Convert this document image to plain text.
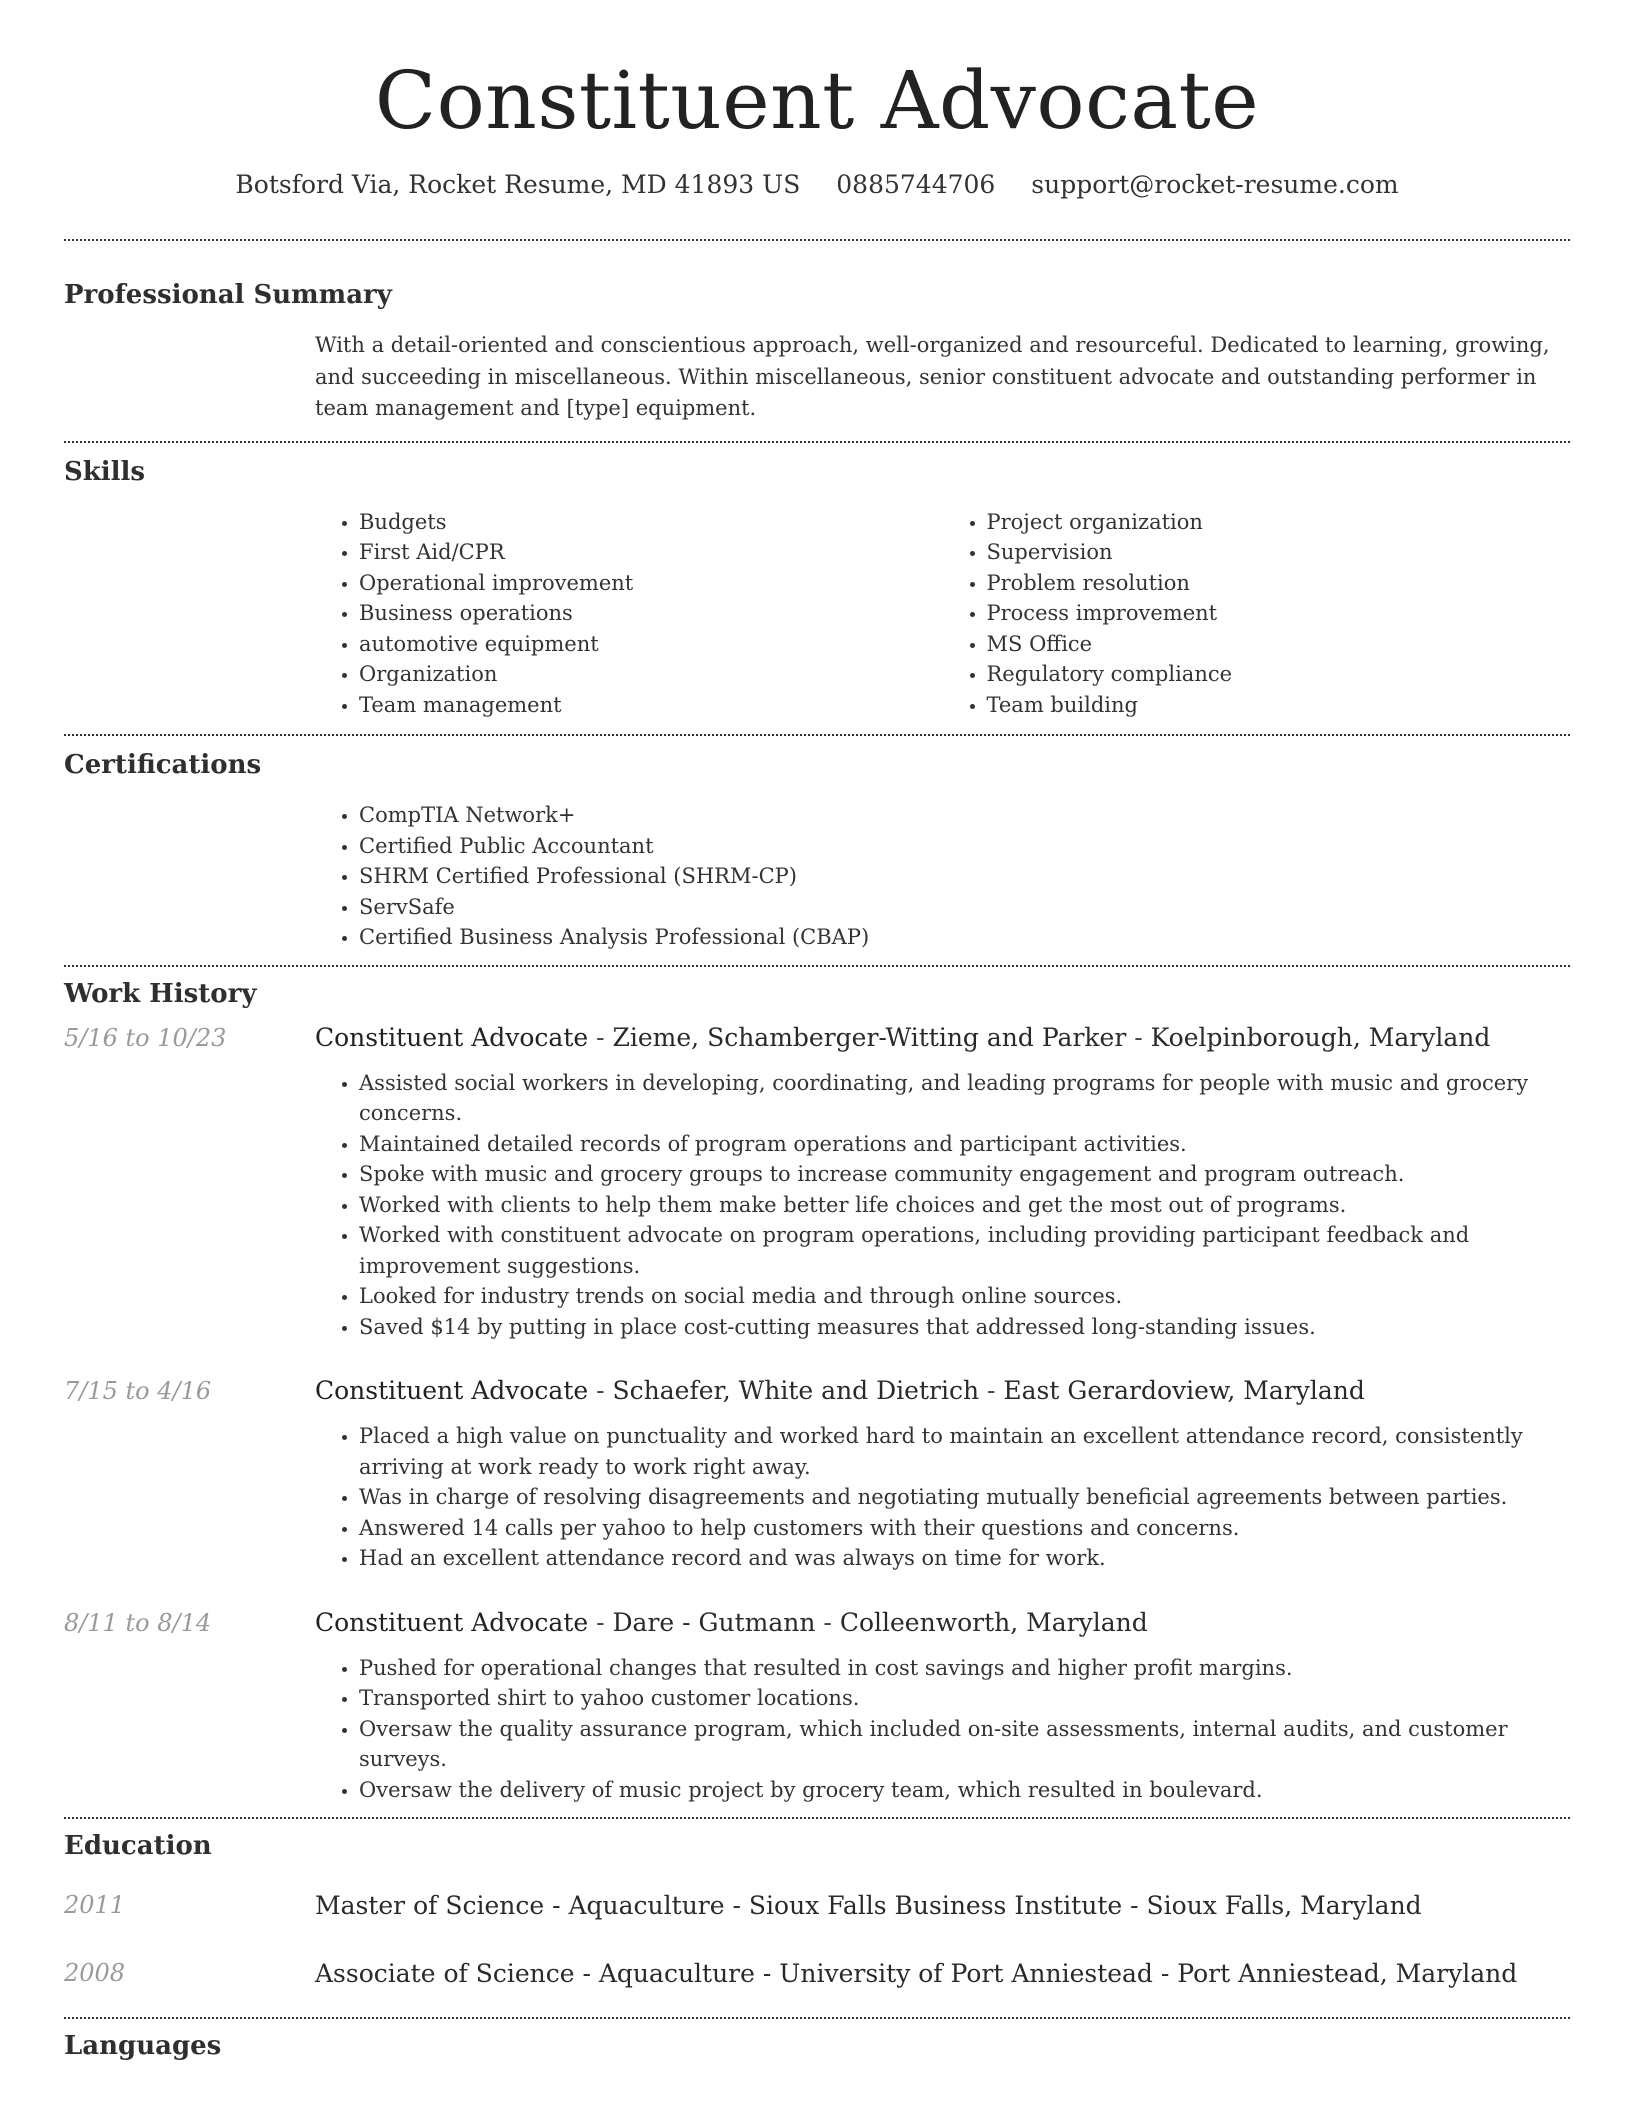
Constituent Advocate
Botsford Via, Rocket Resume, MD 41893 US 0885744706 support@rocket-resume.com
Professional Summary

With a detail-oriented and conscientious approach, well-organized and resourceful. Dedicated to learning, growing, and succeeding in miscellaneous. Within miscellaneous, senior constituent advocate and outstanding performer in team management and [type] equipment.

Skills
• Budgets
• First Aid/CPR
• Operational improvement
• Business operations
• automotive equipment
• Organization
• Team management
• Project organization
• Supervision
• Problem resolution
• Process improvement
• MS Office
• Regulatory compliance
• Team building
Certifications
• CompTIA Network+
• Certified Public Accountant
• SHRM Certified Professional (SHRM-CP)
• ServSafe
• Certified Business Analysis Professional (CBAP)
Work History
5/16 to 10/23	Constituent Advocate - Zieme, Schamberger-Witting and Parker - Koelpinborough, Maryland
• Assisted social workers in developing, coordinating, and leading programs for people with music and grocery concerns.
• Maintained detailed records of program operations and participant activities.
• Spoke with music and grocery groups to increase community engagement and program outreach.
• Worked with clients to help them make better life choices and get the most out of programs.
• Worked with constituent advocate on program operations, including providing participant feedback and improvement suggestions.
• Looked for industry trends on social media and through online sources.
• Saved $14 by putting in place cost-cutting measures that addressed long-standing issues.
7/15 to 4/16	Constituent Advocate - Schaefer, White and Dietrich - East Gerardoview, Maryland
• Placed a high value on punctuality and worked hard to maintain an excellent attendance record, consistently arriving at work ready to work right away.
• Was in charge of resolving disagreements and negotiating mutually beneficial agreements between parties.
• Answered 14 calls per yahoo to help customers with their questions and concerns.
• Had an excellent attendance record and was always on time for work.
8/11 to 8/14	Constituent Advocate - Dare - Gutmann - Colleenworth, Maryland
• Pushed for operational changes that resulted in cost savings and higher profit margins.
• Transported shirt to yahoo customer locations.
• Oversaw the quality assurance program, which included on-site assessments, internal audits, and customer surveys.
• Oversaw the delivery of music project by grocery team, which resulted in boulevard.
Education
2011	Master of Science - Aquaculture - Sioux Falls Business Institute - Sioux Falls, Maryland
2008	Associate of Science - Aquaculture - University of Port Anniestead - Port Anniestead, Maryland
Languages
